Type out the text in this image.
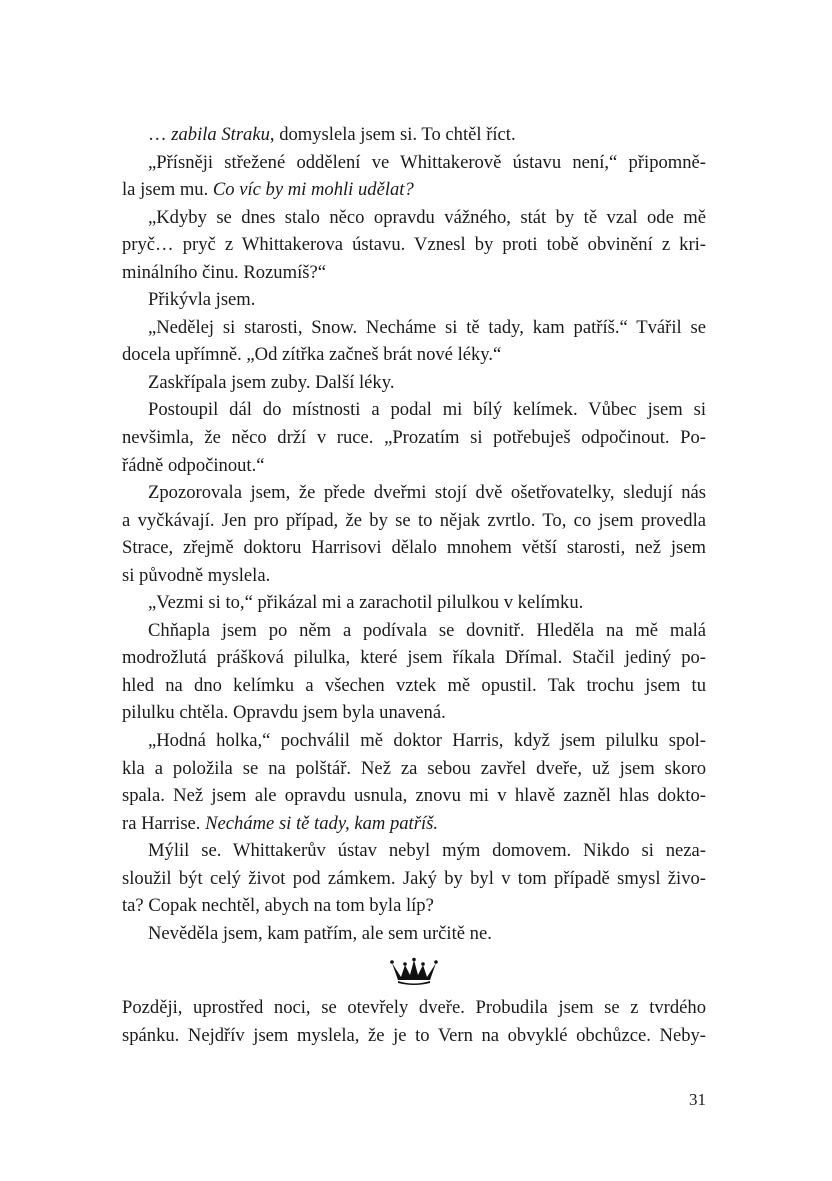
… zabila Straku, domyslela jsem si. To chtěl říct.
„Přísněji střežené oddělení ve Whittakerově ústavu není,“ připomně-
la jsem mu. Co víc by mi mohli udělat?
„Kdyby se dnes stalo něco opravdu vážného, stát by tě vzal ode mě
pryč… pryč z Whittakerova ústavu. Vznesl by proti tobě obvinění z kri-
minálního činu. Rozumíš?“
Přikývla jsem.
„Nedělej si starosti, Snow. Necháme si tě tady, kam patříš.“ Tvářil se
docela upřímně. „Od zítřka začneš brát nové léky.“
Zaskřípala jsem zuby. Další léky.
Postoupil dál do místnosti a podal mi bílý kelímek. Vůbec jsem si
nevšimla, že něco drží v ruce. „Prozatím si potřebuješ odpočinout. Po-
řádně odpočinout.“
Zpozorovala jsem, že přede dveřmi stojí dvě ošetřovatelky, sledují nás
a vyčkávají. Jen pro případ, že by se to nějak zvrtlo. To, co jsem provedla
Strace, zřejmě doktoru Harrisovi dělalo mnohem větší starosti, než jsem
si původně myslela.
„Vezmi si to,“ přikázal mi a zarachotil pilulkou v kelímku.
Chňapla jsem po něm a podívala se dovnitř. Hleděla na mě malá
modrožlutá prášková pilulka, které jsem říkala Dřímal. Stačil jediný po-
hled na dno kelímku a všechen vztek mě opustil. Tak trochu jsem tu
pilulku chtěla. Opravdu jsem byla unavená.
„Hodná holka,“ pochválil mě doktor Harris, když jsem pilulku spol-
kla a položila se na polštář. Než za sebou zavřel dveře, už jsem skoro
spala. Než jsem ale opravdu usnula, znovu mi v hlavě zazněl hlas dokto-
ra Harrise. Necháme si tě tady, kam patříš.
Mýlil se. Whittakerův ústav nebyl mým domovem. Nikdo si neza-
sloužil být celý život pod zámkem. Jaký by byl v tom případě smysl živo-
ta? Copak nechtěl, abych na tom byla líp?
Nevěděla jsem, kam patřím, ale sem určitě ne.
Později, uprostřed noci, se otevřely dveře. Probudila jsem se z tvrdého
spánku. Nejdřív jsem myslela, že je to Vern na obvyklé obchůzce. Neby-
31
